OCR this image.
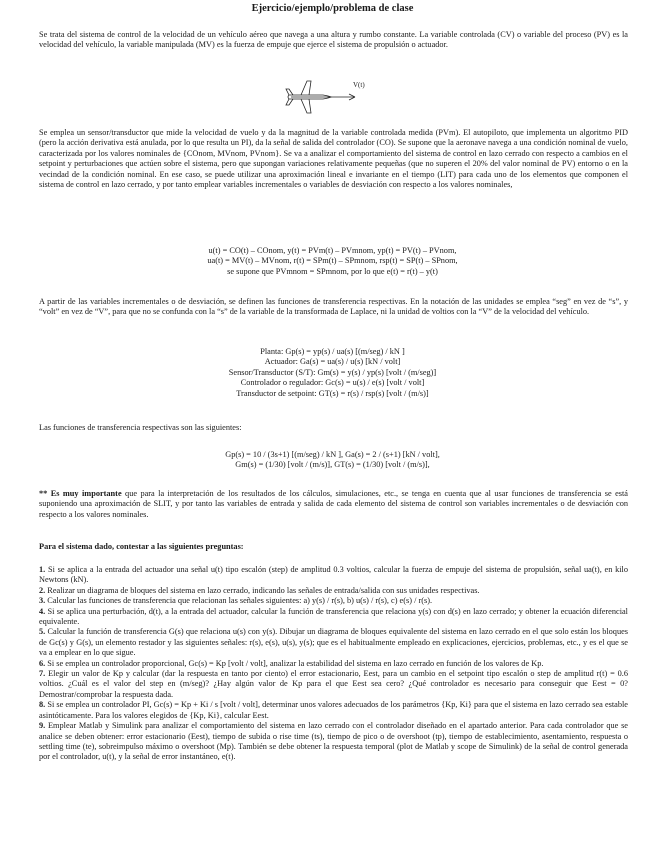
Ejercicio/ejemplo/problema de clase

Se trata del sistema de control de la velocidad de un vehículo aéreo que navega a una altura y rumbo constante. La variable controlada (CV) o variable del proceso (PV) es la velocidad del vehículo, la variable manipulada (MV) es la fuerza de empuje que ejerce el sistema de propulsión o actuador.

V(t)

Se emplea un sensor/transductor que mide la velocidad de vuelo y da la magnitud de la variable controlada medida (PVm). El autopiloto, que implementa un algoritmo PID (pero la acción derivativa está anulada, por lo que resulta un PI), da la señal de salida del controlador (CO). Se supone que la aeronave navega a una condición nominal de vuelo, caracterizada por los valores nominales de {COnom, MVnom, PVnom}. Se va a analizar el comportamiento del sistema de control en lazo cerrado con respecto a cambios en el setpoint y perturbaciones que actúen sobre el sistema, pero que supongan variaciones relativamente pequeñas (que no superen el 20% del valor nominal de PV) entorno o en la vecindad de la condición nominal. En ese caso, se puede utilizar una aproximación lineal e invariante en el tiempo (LIT) para cada uno de los elementos que componen el sistema de control en lazo cerrado, y por tanto emplear variables incrementales o variables de desviación con respecto a los valores nominales,

u(t) = CO(t) – COnom, y(t) = PVm(t) – PVmnom, yp(t) = PV(t) – PVnom,
ua(t) = MV(t) – MVnom, r(t) = SPm(t) – SPmnom, rsp(t) = SP(t) – SPnom,
se supone que PVmnom = SPmnom, por lo que e(t) = r(t) – y(t)

A partir de las variables incrementales o de desviación, se definen las funciones de transferencia respectivas. En la notación de las unidades se emplea “seg” en vez de “s”, y “volt” en vez de “V”, para que no se confunda con la “s” de la variable de la transformada de Laplace, ni la unidad de voltios con la “V” de la velocidad del vehículo.

Planta: Gp(s) = yp(s) / ua(s) [(m/seg) / kN ]
Actuador: Ga(s) = ua(s) / u(s) [kN / volt]
Sensor/Transductor (S/T): Gm(s) = y(s) / yp(s) [volt / (m/seg)]
Controlador o regulador: Gc(s) = u(s) / e(s) [volt / volt]
Transductor de setpoint: GT(s) = r(s) / rsp(s) [volt / (m/s)]

Las funciones de transferencia respectivas son las siguientes:

Gp(s) = 10 / (3s+1) [(m/seg) / kN ], Ga(s) = 2 / (s+1) [kN / volt],
Gm(s) = (1/30) [volt / (m/s)], GT(s) = (1/30) [volt / (m/s)],

** Es muy importante que para la interpretación de los resultados de los cálculos, simulaciones, etc., se tenga en cuenta que al usar funciones de transferencia se está suponiendo una aproximación de SLIT, y por tanto las variables de entrada y salida de cada elemento del sistema de control son variables incrementales o de desviación con respecto a los valores nominales.

Para el sistema dado, contestar a las siguientes preguntas:

1. Si se aplica a la entrada del actuador una señal u(t) tipo escalón (step) de amplitud 0.3 voltios, calcular la fuerza de empuje del sistema de propulsión, señal ua(t), en kilo Newtons (kN).

2. Realizar un diagrama de bloques del sistema en lazo cerrado, indicando las señales de entrada/salida con sus unidades respectivas.

3. Calcular las funciones de transferencia que relacionan las señales siguientes: a) y(s) / r(s), b) u(s) / r(s), c) e(s) / r(s).

4. Si se aplica una perturbación, d(t), a la entrada del actuador, calcular la función de transferencia que relaciona y(s) con d(s) en lazo cerrado; y obtener la ecuación diferencial equivalente.

5. Calcular la función de transferencia G(s) que relaciona u(s) con y(s). Dibujar un diagrama de bloques equivalente del sistema en lazo cerrado en el que solo están los bloques de Gc(s) y G(s), un elemento restador y las siguientes señales: r(s), e(s), u(s), y(s); que es el habitualmente empleado en explicaciones, ejercicios, problemas, etc., y es el que se va a emplear en lo que sigue.

6. Si se emplea un controlador proporcional, Gc(s) = Kp [volt / volt], analizar la estabilidad del sistema en lazo cerrado en función de los valores de Kp.

7. Elegir un valor de Kp y calcular (dar la respuesta en tanto por ciento) el error estacionario, Eest, para un cambio en el setpoint tipo escalón o step de amplitud r(t) = 0.6 voltios. ¿Cuál es el valor del step en (m/seg)? ¿Hay algún valor de Kp para el que Eest sea cero? ¿Qué controlador es necesario para conseguir que Eest = 0? Demostrar/comprobar la respuesta dada.

8. Si se emplea un controlador PI, Gc(s) = Kp + Ki / s [volt / volt], determinar unos valores adecuados de los parámetros {Kp, Ki} para que el sistema en lazo cerrado sea estable asintóticamente. Para los valores elegidos de {Kp, Ki}, calcular Eest.

9. Emplear Matlab y Simulink para analizar el comportamiento del sistema en lazo cerrado con el controlador diseñado en el apartado anterior. Para cada controlador que se analice se deben obtener: error estacionario (Eest), tiempo de subida o rise time (ts), tiempo de pico o de overshoot (tp), tiempo de establecimiento, asentamiento, respuesta o settling time (te), sobreimpulso máximo o overshoot (Mp). También se debe obtener la respuesta temporal (plot de Matlab y scope de Simulink) de la señal de control generada por el controlador, u(t), y la señal de error instantáneo, e(t).
